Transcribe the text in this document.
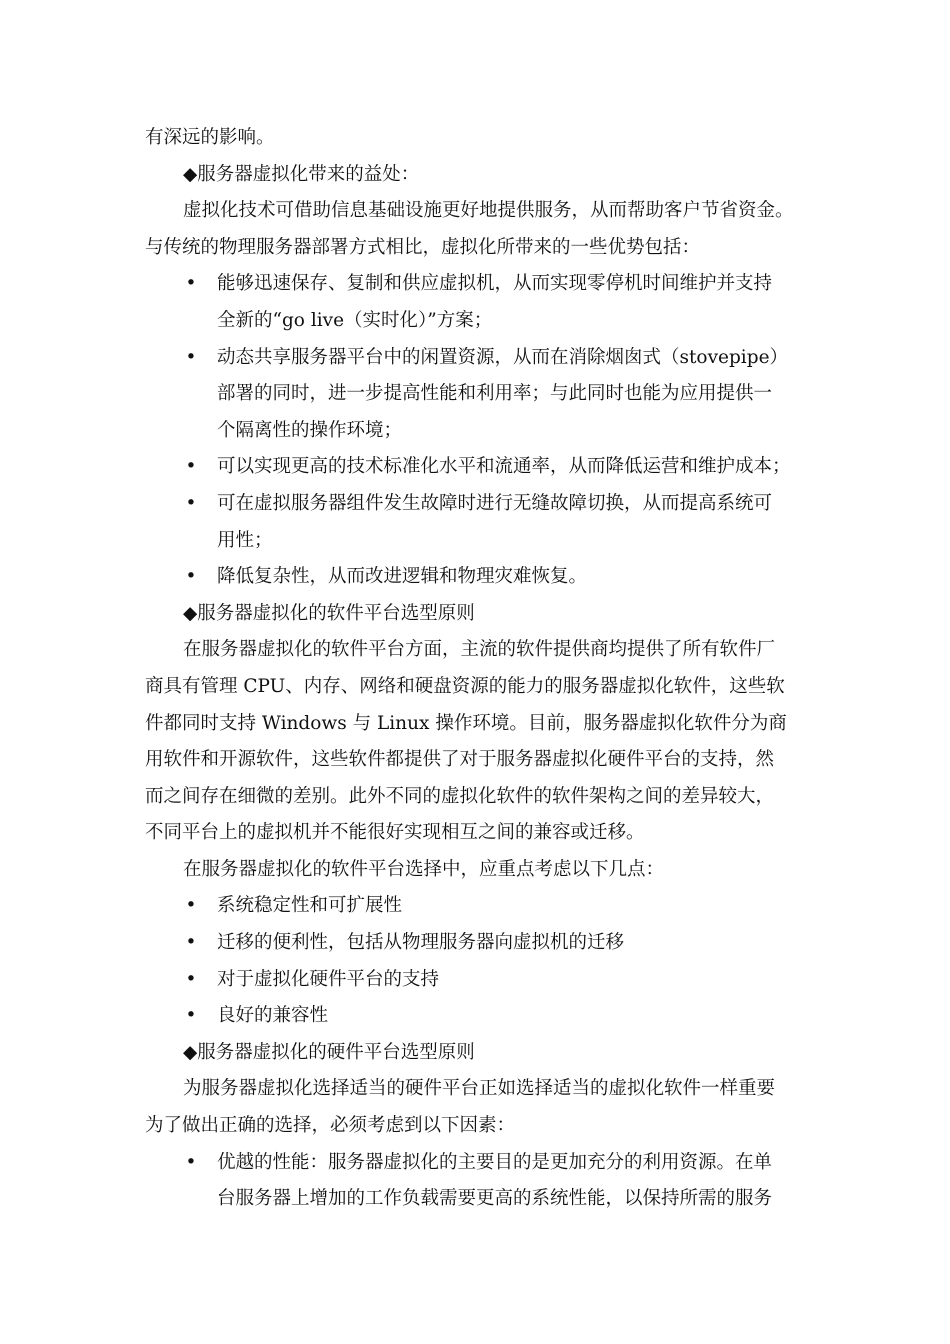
有深远的影响。

◆服务器虚拟化带来的益处：

虚拟化技术可借助信息基础设施更好地提供服务，从而帮助客户节省资金。

与传统的物理服务器部署方式相比，虚拟化所带来的一些优势包括：

• 能够迅速保存、复制和供应虚拟机，从而实现零停机时间维护并支持
全新的“go live（实时化）”方案；
• 动态共享服务器平台中的闲置资源，从而在消除烟囱式（stovepipe）
部署的同时，进一步提高性能和利用率；与此同时也能为应用提供一
个隔离性的操作环境；
• 可以实现更高的技术标准化水平和流通率，从而降低运营和维护成本；
• 可在虚拟服务器组件发生故障时进行无缝故障切换，从而提高系统可
用性；
• 降低复杂性，从而改进逻辑和物理灾难恢复。

◆服务器虚拟化的软件平台选型原则

在服务器虚拟化的软件平台方面，主流的软件提供商均提供了所有软件厂

商具有管理 CPU、内存、网络和硬盘资源的能力的服务器虚拟化软件，这些软

件都同时支持 Windows 与 Linux 操作环境。目前，服务器虚拟化软件分为商

用软件和开源软件，这些软件都提供了对于服务器虚拟化硬件平台的支持，然

而之间存在细微的差别。此外不同的虚拟化软件的软件架构之间的差异较大，

不同平台上的虚拟机并不能很好实现相互之间的兼容或迁移。

在服务器虚拟化的软件平台选择中，应重点考虑以下几点：

• 系统稳定性和可扩展性
• 迁移的便利性，包括从物理服务器向虚拟机的迁移
• 对于虚拟化硬件平台的支持
• 良好的兼容性

◆服务器虚拟化的硬件平台选型原则

为服务器虚拟化选择适当的硬件平台正如选择适当的虚拟化软件一样重要

为了做出正确的选择，必须考虑到以下因素：

• 优越的性能：服务器虚拟化的主要目的是更加充分的利用资源。在单
台服务器上增加的工作负载需要更高的系统性能，以保持所需的服务
